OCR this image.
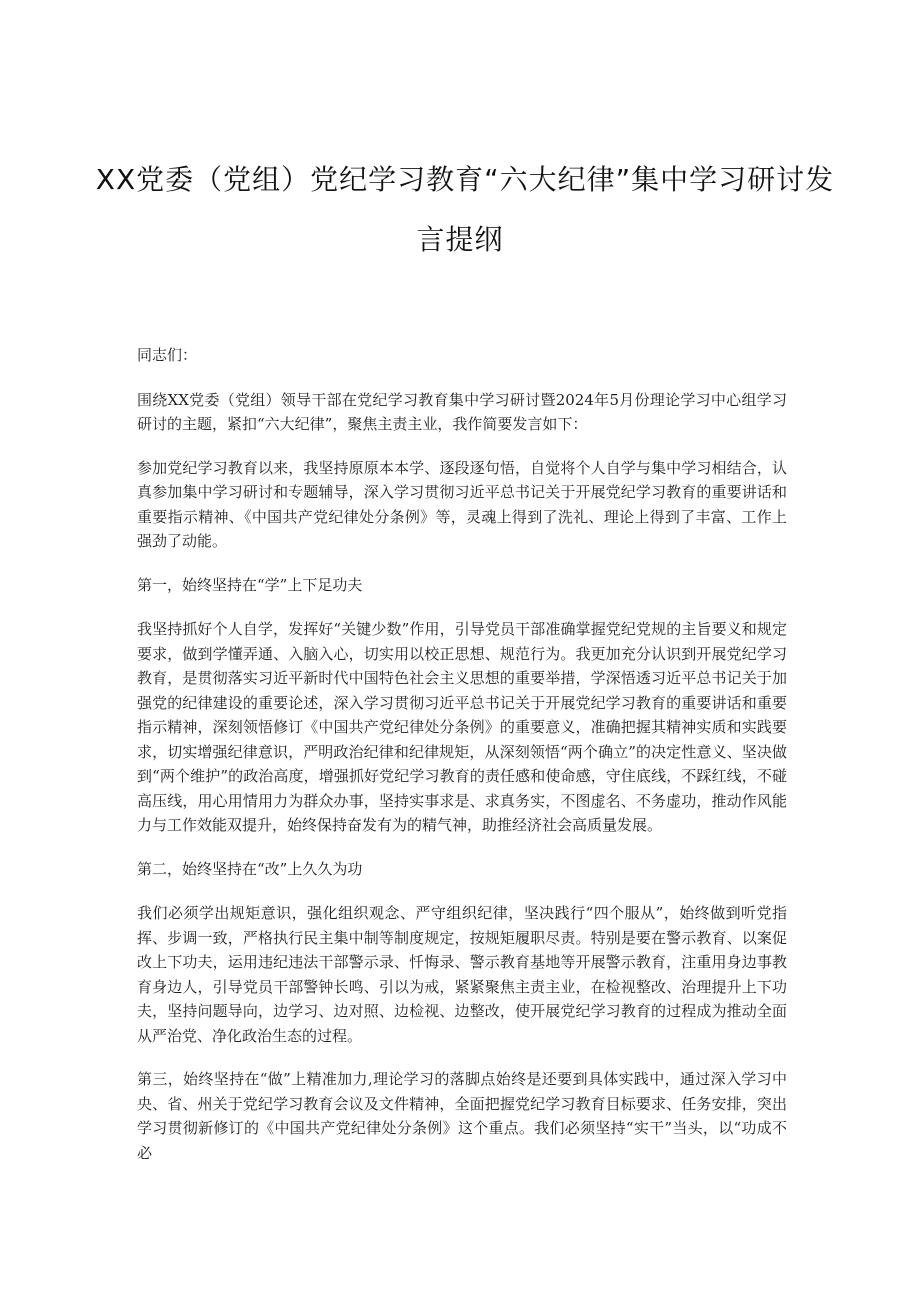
XX党委（党组）党纪学习教育“六大纪律”集中学习研讨发
言提纲

同志们：

围绕XX党委（党组）领导干部在党纪学习教育集中学习研讨暨2024年5月份理论学习中心组学习研讨的主题，紧扣“六大纪律”，聚焦主责主业，我作简要发言如下：

参加党纪学习教育以来，我坚持原原本本学、逐段逐句悟，自觉将个人自学与集中学习相结合，认真参加集中学习研讨和专题辅导，深入学习贯彻习近平总书记关于开展党纪学习教育的重要讲话和重要指示精神、《中国共产党纪律处分条例》等，灵魂上得到了洗礼、理论上得到了丰富、工作上强劲了动能。

第一，始终坚持在“学”上下足功夫

我坚持抓好个人自学，发挥好“关键少数”作用，引导党员干部准确掌握党纪党规的主旨要义和规定要求，做到学懂弄通、入脑入心，切实用以校正思想、规范行为。我更加充分认识到开展党纪学习教育，是贯彻落实习近平新时代中国特色社会主义思想的重要举措，学深悟透习近平总书记关于加强党的纪律建设的重要论述，深入学习贯彻习近平总书记关于开展党纪学习教育的重要讲话和重要指示精神，深刻领悟修订《中国共产党纪律处分条例》的重要意义，准确把握其精神实质和实践要求，切实增强纪律意识，严明政治纪律和纪律规矩，从深刻领悟“两个确立”的决定性意义、坚决做到“两个维护”的政治高度，增强抓好党纪学习教育的责任感和使命感，守住底线，不踩红线，不碰高压线，用心用情用力为群众办事，坚持实事求是、求真务实，不图虚名、不务虚功，推动作风能力与工作效能双提升，始终保持奋发有为的精气神，助推经济社会高质量发展。

第二，始终坚持在“改”上久久为功

我们必须学出规矩意识，强化组织观念、严守组织纪律，坚决践行“四个服从”，始终做到听党指挥、步调一致，严格执行民主集中制等制度规定，按规矩履职尽责。特别是要在警示教育、以案促改上下功夫，运用违纪违法干部警示录、忏悔录、警示教育基地等开展警示教育，注重用身边事教育身边人，引导党员干部警钟长鸣、引以为戒，紧紧聚焦主责主业，在检视整改、治理提升上下功夫，坚持问题导向，边学习、边对照、边检视、边整改，使开展党纪学习教育的过程成为推动全面从严治党、净化政治生态的过程。

第三，始终坚持在“做”上精准加力,理论学习的落脚点始终是还要到具体实践中，通过深入学习中央、省、州关于党纪学习教育会议及文件精神，全面把握党纪学习教育目标要求、任务安排，突出学习贯彻新修订的《中国共产党纪律处分条例》这个重点。我们必须坚持“实干”当头，以“功成不必
